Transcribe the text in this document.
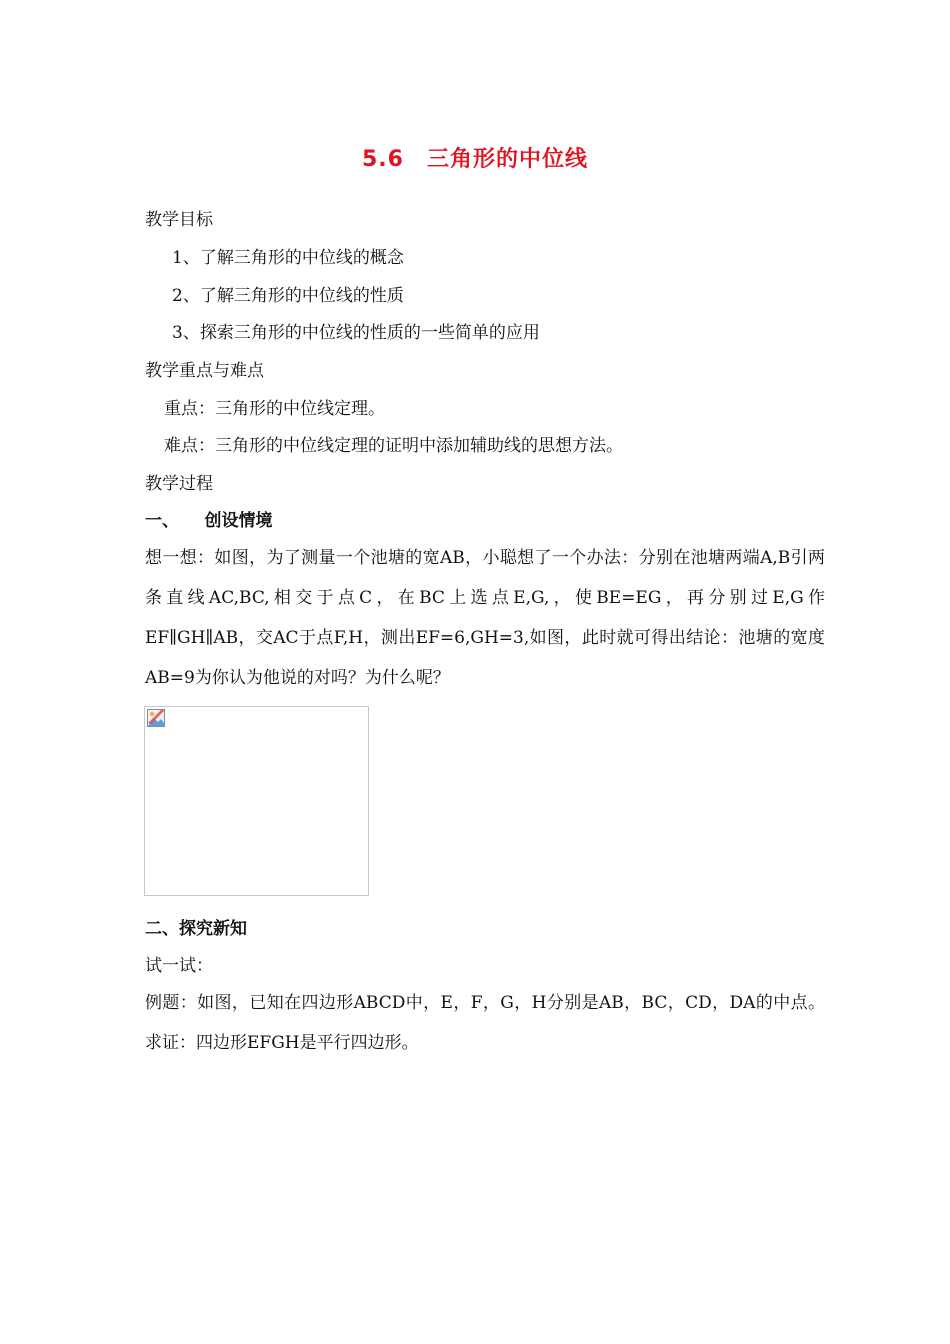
5.6　三角形的中位线
教学目标
1、了解三角形的中位线的概念
2、了解三角形的中位线的性质
3、探索三角形的中位线的性质的一些简单的应用
教学重点与难点
重点：三角形的中位线定理。
难点：三角形的中位线定理的证明中添加辅助线的思想方法。
教学过程
一、　　创设情境
想一想：如图，为了测量一个池塘的宽AB，小聪想了一个办法：分别在池塘两端A,B引两条直线AC,BC,相交于点C，在BC上选点E,G,，使BE=EG，再分别过E,G作EF∥GH∥AB，交AC于点F,H，测出EF=6,GH=3,如图，此时就可得出结论：池塘的宽度AB=9为你认为他说的对吗？为什么呢？
二、探究新知
试一试：
例题：如图，已知在四边形ABCD中，E，F，G，H分别是AB，BC，CD，DA的中点。求证：四边形EFGH是平行四边形。
